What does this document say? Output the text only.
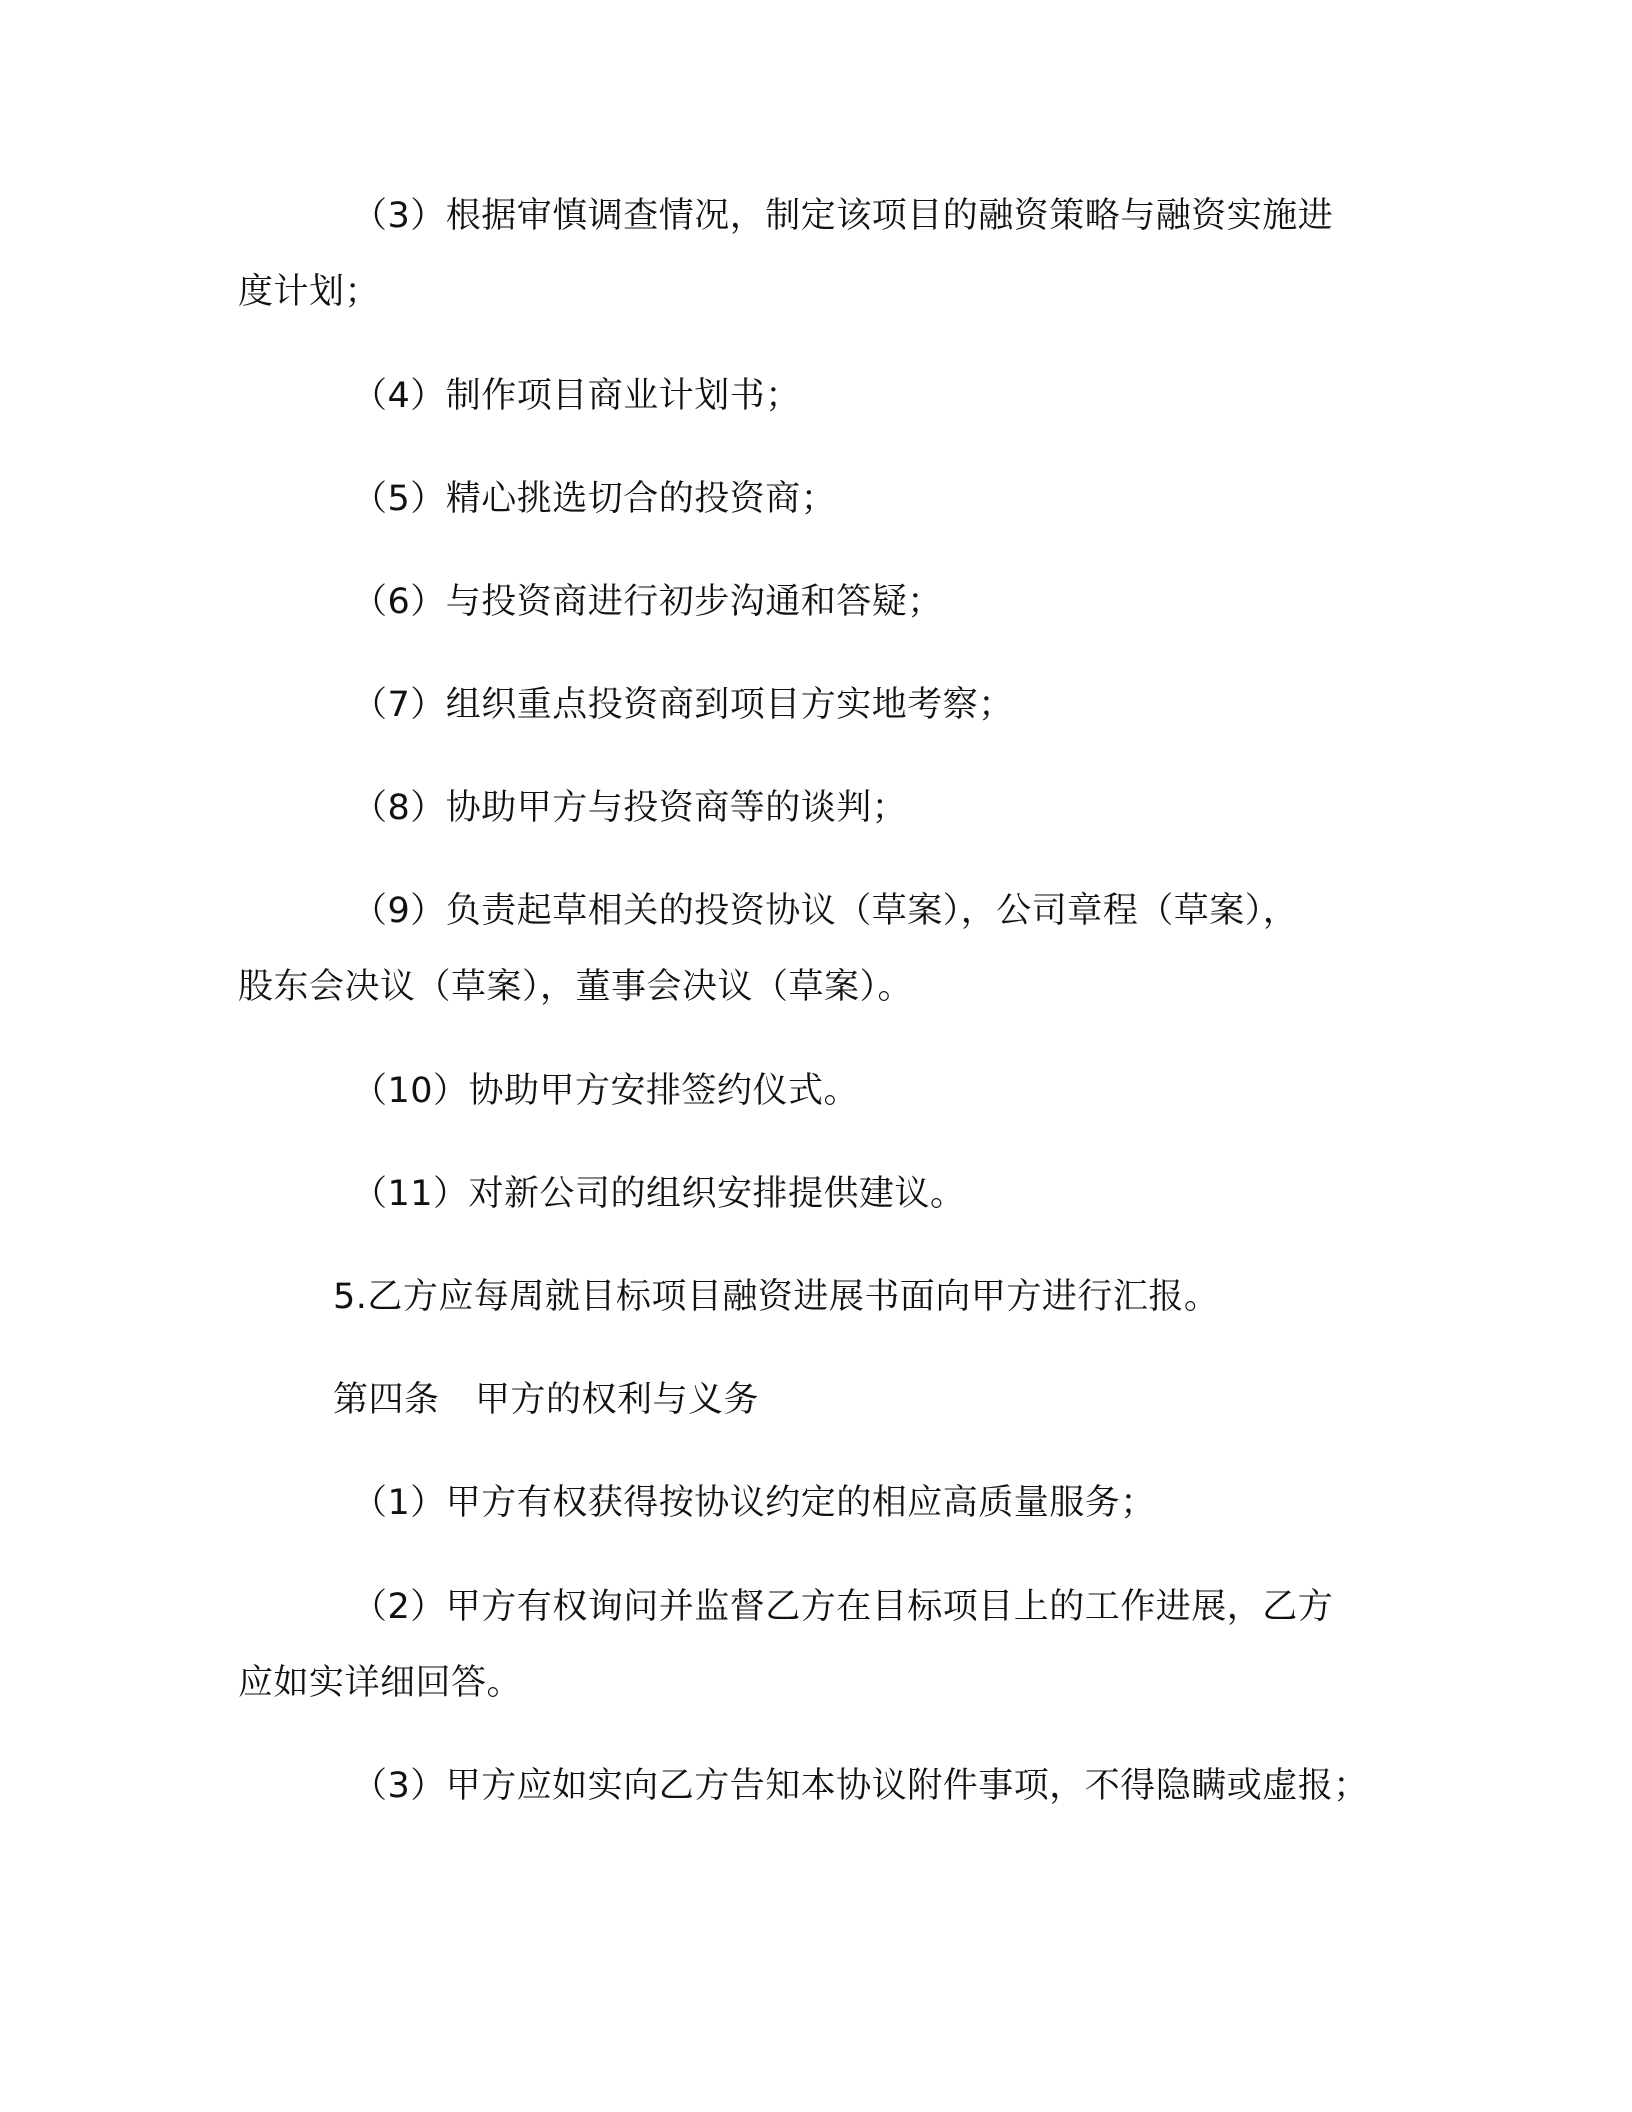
（3）根据审慎调查情况，制定该项目的融资策略与融资实施进
度计划；
（4）制作项目商业计划书；
（5）精心挑选切合的投资商；
（6）与投资商进行初步沟通和答疑；
（7）组织重点投资商到项目方实地考察；
（8）协助甲方与投资商等的谈判；
（9）负责起草相关的投资协议（草案），公司章程（草案），
股东会决议（草案），董事会决议（草案）。
（10）协助甲方安排签约仪式。
（11）对新公司的组织安排提供建议。
5.乙方应每周就目标项目融资进展书面向甲方进行汇报。
第四条　甲方的权利与义务
（1）甲方有权获得按协议约定的相应高质量服务；
（2）甲方有权询问并监督乙方在目标项目上的工作进展，乙方
应如实详细回答。
（3）甲方应如实向乙方告知本协议附件事项，不得隐瞒或虚报；
